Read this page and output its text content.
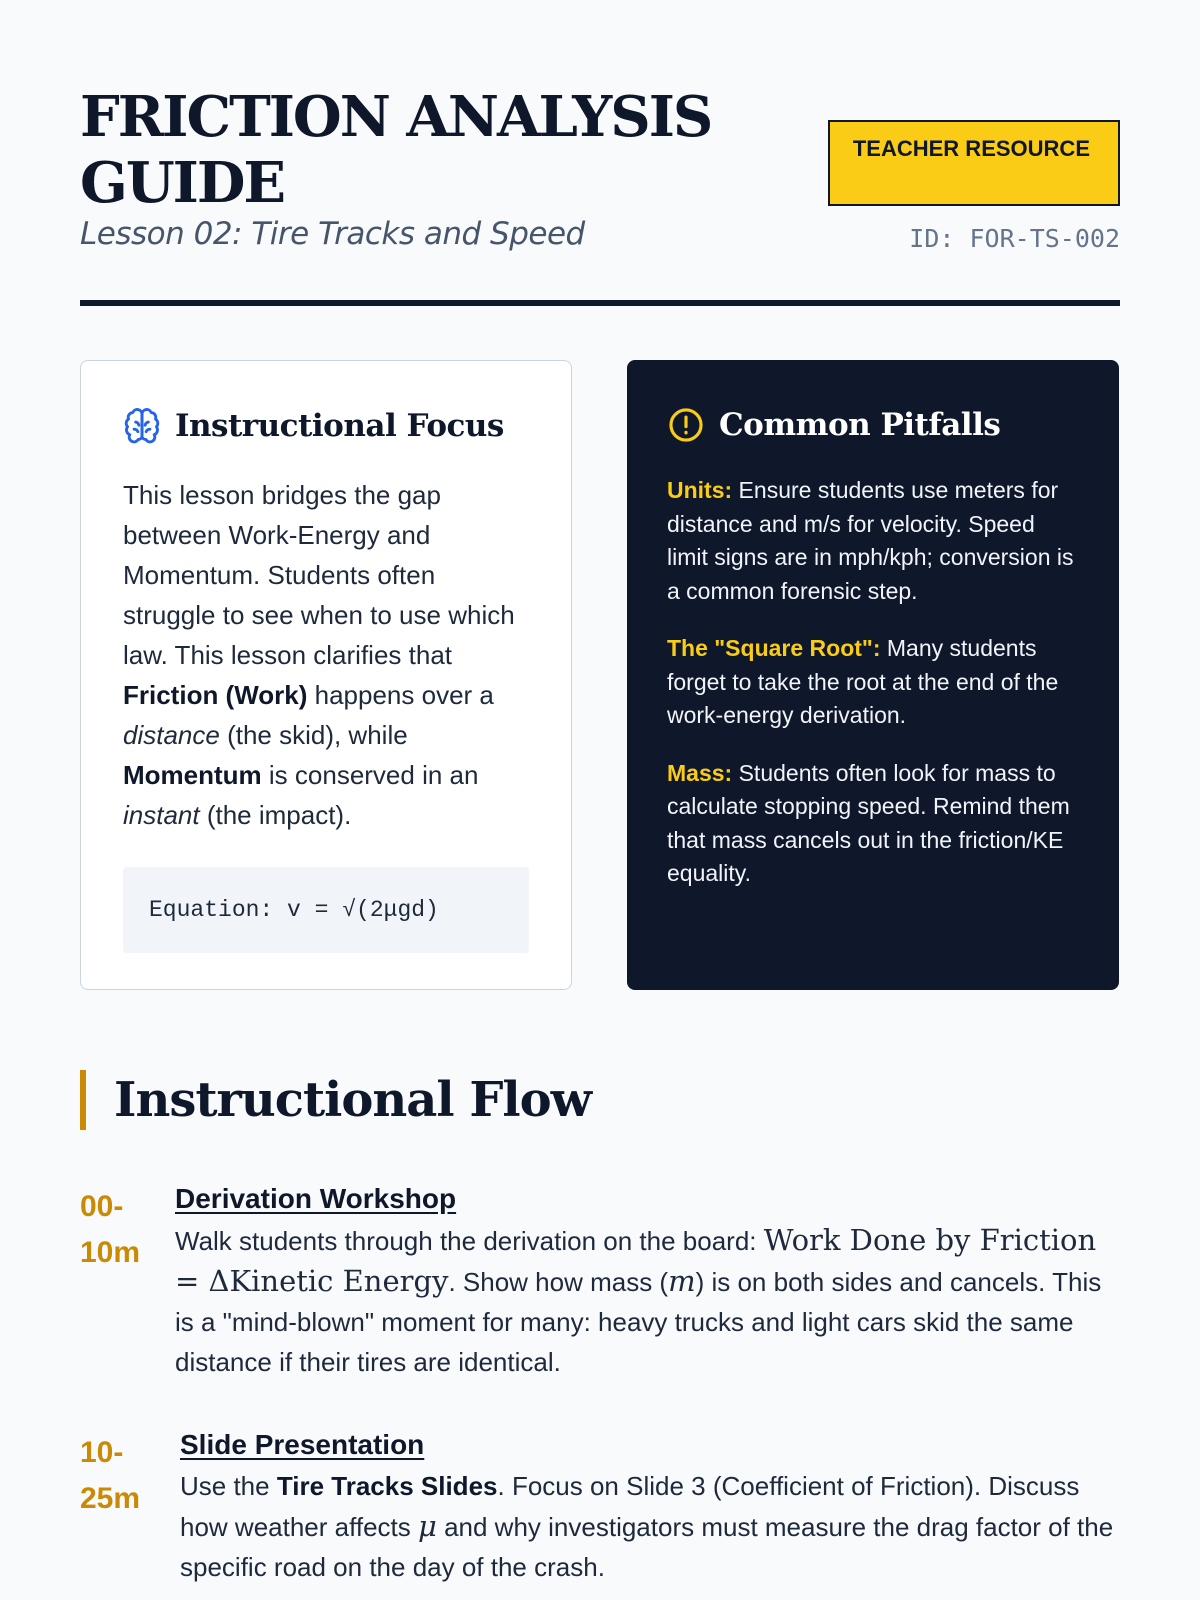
FRICTION ANALYSIS GUIDE
Lesson 02: Tire Tracks and Speed
TEACHER RESOURCE
ID: FOR-TS-002
Instructional Focus

This lesson bridges the gap between Work-Energy and Momentum. Students often struggle to see when to use which law. This lesson clarifies that Friction (Work) happens over a distance (the skid), while Momentum is conserved in an instant (the impact).

Equation: v = √(2μgd)
Common Pitfalls

Units: Ensure students use meters for distance and m/s for velocity. Speed limit signs are in mph/kph; conversion is a common forensic step.

The "Square Root": Many students forget to take the root at the end of the work-energy derivation.

Mass: Students often look for mass to calculate stopping speed. Remind them that mass cancels out in the friction/KE equality.

Instructional Flow
00-10m
Derivation Workshop
Walk students through the derivation on the board: Work Done by Friction = ΔKinetic Energy. Show how mass (m) is on both sides and cancels. This is a "mind-blown" moment for many: heavy trucks and light cars skid the same distance if their tires are identical.
10-25m
Slide Presentation
Use the Tire Tracks Slides. Focus on Slide 3 (Coefficient of Friction). Discuss how weather affects μ and why investigators must measure the drag factor of the specific road on the day of the crash.
